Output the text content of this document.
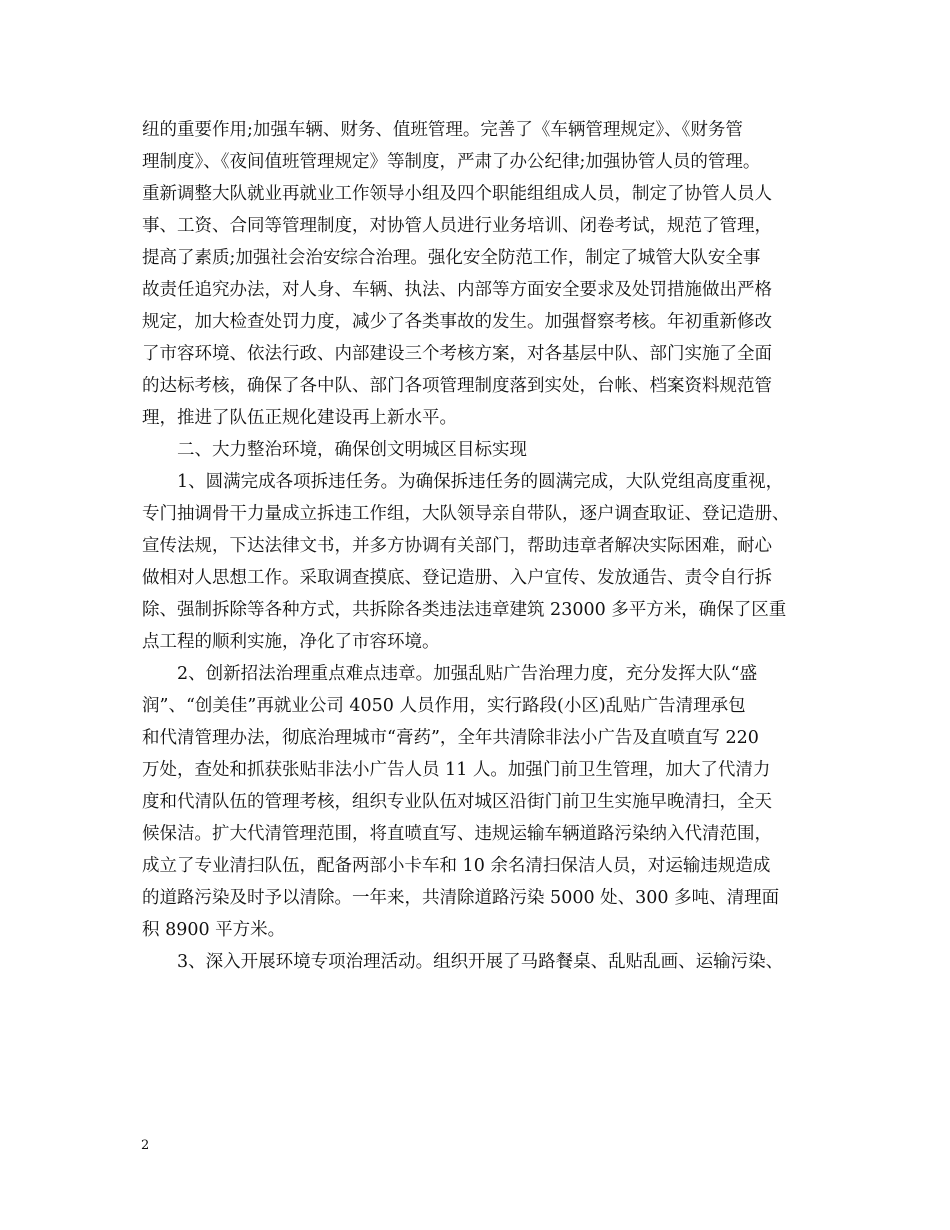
纽的重要作用;加强车辆、财务、值班管理。完善了《车辆管理规定》、《财务管
理制度》、《夜间值班管理规定》等制度，严肃了办公纪律;加强协管人员的管理。
重新调整大队就业再就业工作领导小组及四个职能组组成人员，制定了协管人员人
事、工资、合同等管理制度，对协管人员进行业务培训、闭卷考试，规范了管理，
提高了素质;加强社会治安综合治理。强化安全防范工作，制定了城管大队安全事
故责任追究办法，对人身、车辆、执法、内部等方面安全要求及处罚措施做出严格
规定，加大检查处罚力度，减少了各类事故的发生。加强督察考核。年初重新修改
了市容环境、依法行政、内部建设三个考核方案，对各基层中队、部门实施了全面
的达标考核，确保了各中队、部门各项管理制度落到实处，台帐、档案资料规范管
理，推进了队伍正规化建设再上新水平。
二、大力整治环境，确保创文明城区目标实现
1、圆满完成各项拆违任务。为确保拆违任务的圆满完成，大队党组高度重视，
专门抽调骨干力量成立拆违工作组，大队领导亲自带队，逐户调查取证、登记造册、
宣传法规，下达法律文书，并多方协调有关部门，帮助违章者解决实际困难，耐心
做相对人思想工作。采取调查摸底、登记造册、入户宣传、发放通告、责令自行拆
除、强制拆除等各种方式，共拆除各类违法违章建筑 23000 多平方米，确保了区重
点工程的顺利实施，净化了市容环境。
2、创新招法治理重点难点违章。加强乱贴广告治理力度，充分发挥大队“盛
润”、“创美佳”再就业公司 4050 人员作用，实行路段(小区)乱贴广告清理承包
和代清管理办法，彻底治理城市“膏药”，全年共清除非法小广告及直喷直写 220
万处，查处和抓获张贴非法小广告人员 11 人。加强门前卫生管理，加大了代清力
度和代清队伍的管理考核，组织专业队伍对城区沿街门前卫生实施早晚清扫，全天
候保洁。扩大代清管理范围，将直喷直写、违规运输车辆道路污染纳入代清范围，
成立了专业清扫队伍，配备两部小卡车和 10 余名清扫保洁人员，对运输违规造成
的道路污染及时予以清除。一年来，共清除道路污染 5000 处、300 多吨、清理面
积 8900 平方米。
3、深入开展环境专项治理活动。组织开展了马路餐桌、乱贴乱画、运输污染、
2
